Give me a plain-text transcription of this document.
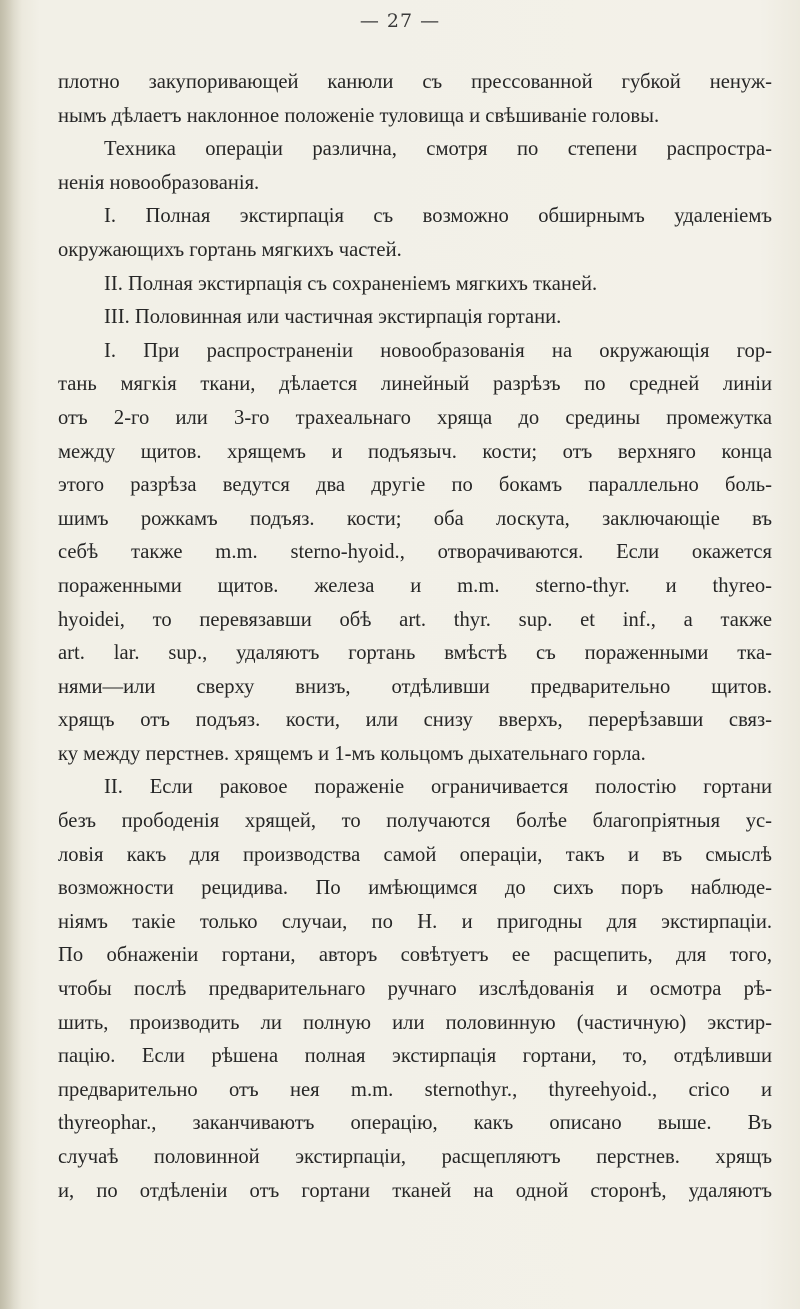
— 27 —
плотно закупоривающей канюли съ прессованной губкой ненуж-
нымъ дѣлаетъ наклонное положенiе туловища и свѣшиванiе головы.
Техника операцiи различна, смотря по степени распростра-
ненiя новообразованiя.
I. Полная экстирпацiя съ возможно обширнымъ удаленiемъ
окружающихъ гортань мягкихъ частей.
II. Полная экстирпацiя съ сохраненiемъ мягкихъ тканей.
III. Половинная или частичная экстирпацiя гортани.
I. При распространенiи новообразованiя на окружающiя гор-
тань мягкiя ткани, дѣлается линейный разрѣзъ по средней линiи
отъ 2-го или 3-го трахеальнаго хряща до средины промежутка
между щитов. хрящемъ и подъязыч. кости; отъ верхняго конца
этого разрѣза ведутся два другiе по бокамъ параллельно боль-
шимъ рожкамъ подъяз. кости; оба лоскута, заключающiе въ
себѣ также m.m. sterno-hyoid., отворачиваются. Если окажется
пораженными щитов. железа и m.m. sterno-thyr. и thyreo-
hyoidei, то перевязавши обѣ art. thyr. sup. et inf., а также
art. lar. sup., удаляютъ гортань вмѣстѣ съ пораженными тка-
нями—или сверху внизъ, отдѣливши предварительно щитов.
хрящъ отъ подъяз. кости, или снизу вверхъ, перерѣзавши связ-
ку между перстнев. хрящемъ и 1-мъ кольцомъ дыхательнаго горла.
II. Если раковое пораженiе ограничивается полостiю гортани
безъ прободенiя хрящей, то получаются болѣе благопрiятныя ус-
ловiя какъ для производства самой операцiи, такъ и въ смыслѣ
возможности рецидива. По имѣющимся до сихъ поръ наблюде-
нiямъ такiе только случаи, по Н. и пригодны для экстирпацiи.
По обнаженiи гортани, авторъ совѣтуетъ ее расщепить, для того,
чтобы послѣ предварительнаго ручнаго изслѣдованiя и осмотра рѣ-
шить, производить ли полную или половинную (частичную) экстир-
пацiю. Если рѣшена полная экстирпацiя гортани, то, отдѣливши
предварительно отъ нея m.m. sternothyr., thyreehyoid., crico и
thyreophar., заканчиваютъ операцiю, какъ описано выше. Въ
случаѣ половинной экстирпацiи, расщепляютъ перстнев. хрящъ
и, по отдѣленiи отъ гортани тканей на одной сторонѣ, удаляютъ
